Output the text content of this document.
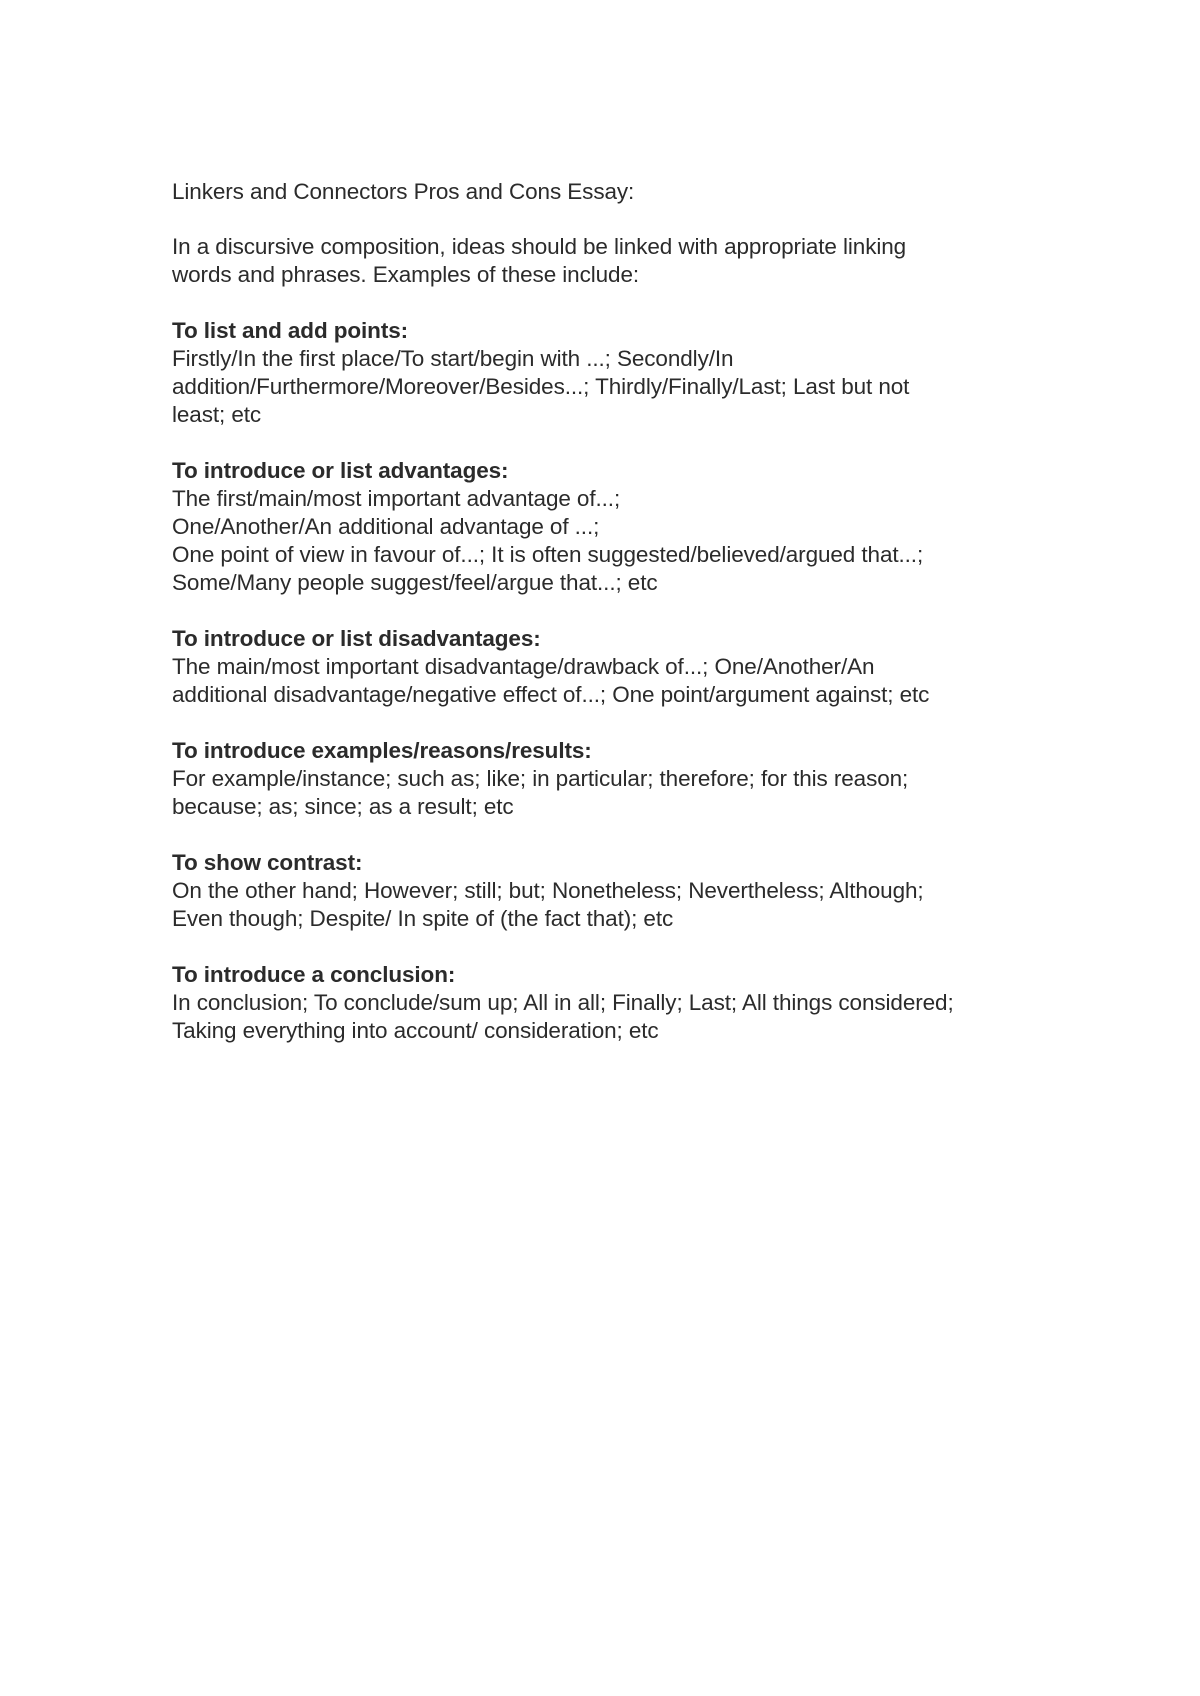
Linkers and Connectors Pros and Cons Essay:
In a discursive composition, ideas should be linked with appropriate linking
words and phrases. Examples of these include:
To list and add points:
Firstly/In the first place/To start/begin with ...; Secondly/In
addition/Furthermore/Moreover/Besides...; Thirdly/Finally/Last; Last but not
least; etc
To introduce or list advantages:
The first/main/most important advantage of...;
One/Another/An additional advantage of ...;
One point of view in favour of...; It is often suggested/believed/argued that...;
Some/Many people suggest/feel/argue that...; etc
To introduce or list disadvantages:
The main/most important disadvantage/drawback of...; One/Another/An
additional disadvantage/negative effect of...; One point/argument against; etc
To introduce examples/reasons/results:
For example/instance; such as; like; in particular; therefore; for this reason;
because; as; since; as a result; etc
To show contrast:
On the other hand; However; still; but; Nonetheless; Nevertheless; Although;
Even though; Despite/ In spite of (the fact that); etc
To introduce a conclusion:
In conclusion; To conclude/sum up; All in all; Finally; Last; All things considered;
Taking everything into account/ consideration; etc
